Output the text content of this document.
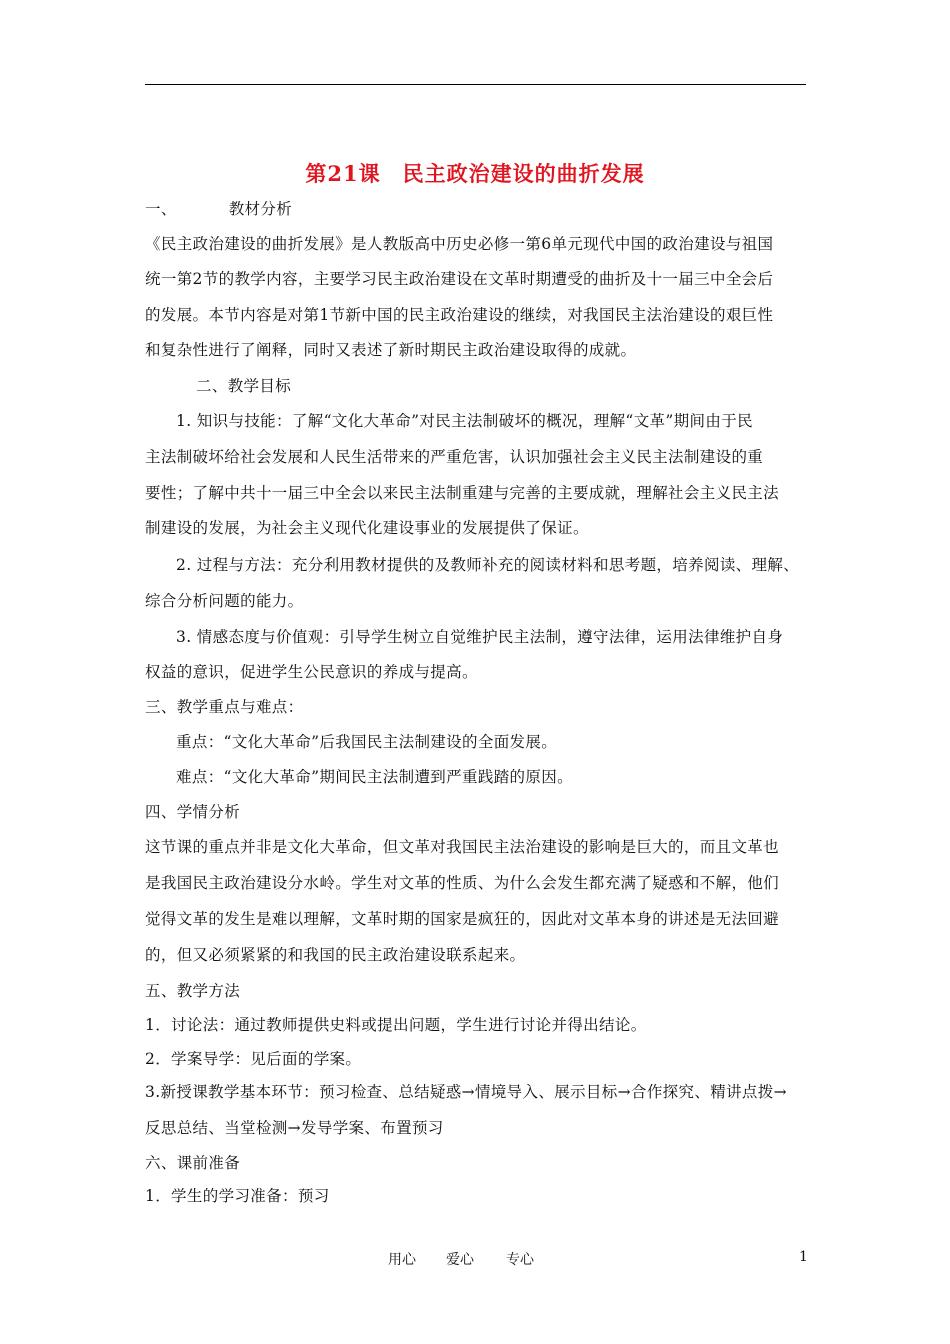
第21课 民主政治建设的曲折发展
一、	教材分析
《民主政治建设的曲折发展》是人教版高中历史必修一第6单元现代中国的政治建设与祖国
统一第2节的教学内容，主要学习民主政治建设在文革时期遭受的曲折及十一届三中全会后
的发展。本节内容是对第1节新中国的民主政治建设的继续，对我国民主法治建设的艰巨性
和复杂性进行了阐释，同时又表述了新时期民主政治建设取得的成就。
二、教学目标
1. 知识与技能：了解“文化大革命”对民主法制破坏的概况，理解“文革”期间由于民
主法制破坏给社会发展和人民生活带来的严重危害，认识加强社会主义民主法制建设的重
要性；了解中共十一届三中全会以来民主法制重建与完善的主要成就，理解社会主义民主法
制建设的发展，为社会主义现代化建设事业的发展提供了保证。
2. 过程与方法：充分利用教材提供的及教师补充的阅读材料和思考题，培养阅读、理解、
综合分析问题的能力。
3. 情感态度与价值观：引导学生树立自觉维护民主法制，遵守法律，运用法律维护自身
权益的意识，促进学生公民意识的养成与提高。
三、教学重点与难点：
重点：“文化大革命”后我国民主法制建设的全面发展。
难点：“文化大革命”期间民主法制遭到严重践踏的原因。
四、学情分析
这节课的重点并非是文化大革命，但文革对我国民主法治建设的影响是巨大的，而且文革也
是我国民主政治建设分水岭。学生对文革的性质、为什么会发生都充满了疑惑和不解，他们
觉得文革的发生是难以理解，文革时期的国家是疯狂的，因此对文革本身的讲述是无法回避
的，但又必须紧紧的和我国的民主政治建设联系起来。
五、教学方法
1．讨论法：通过教师提供史料或提出问题，学生进行讨论并得出结论。
2．学案导学：见后面的学案。
3.新授课教学基本环节：预习检查、总结疑惑→情境导入、展示目标→合作探究、精讲点拨→
反思总结、当堂检测→发导学案、布置预习
六、课前准备
1．学生的学习准备：预习
用心 爱心 专心	1
